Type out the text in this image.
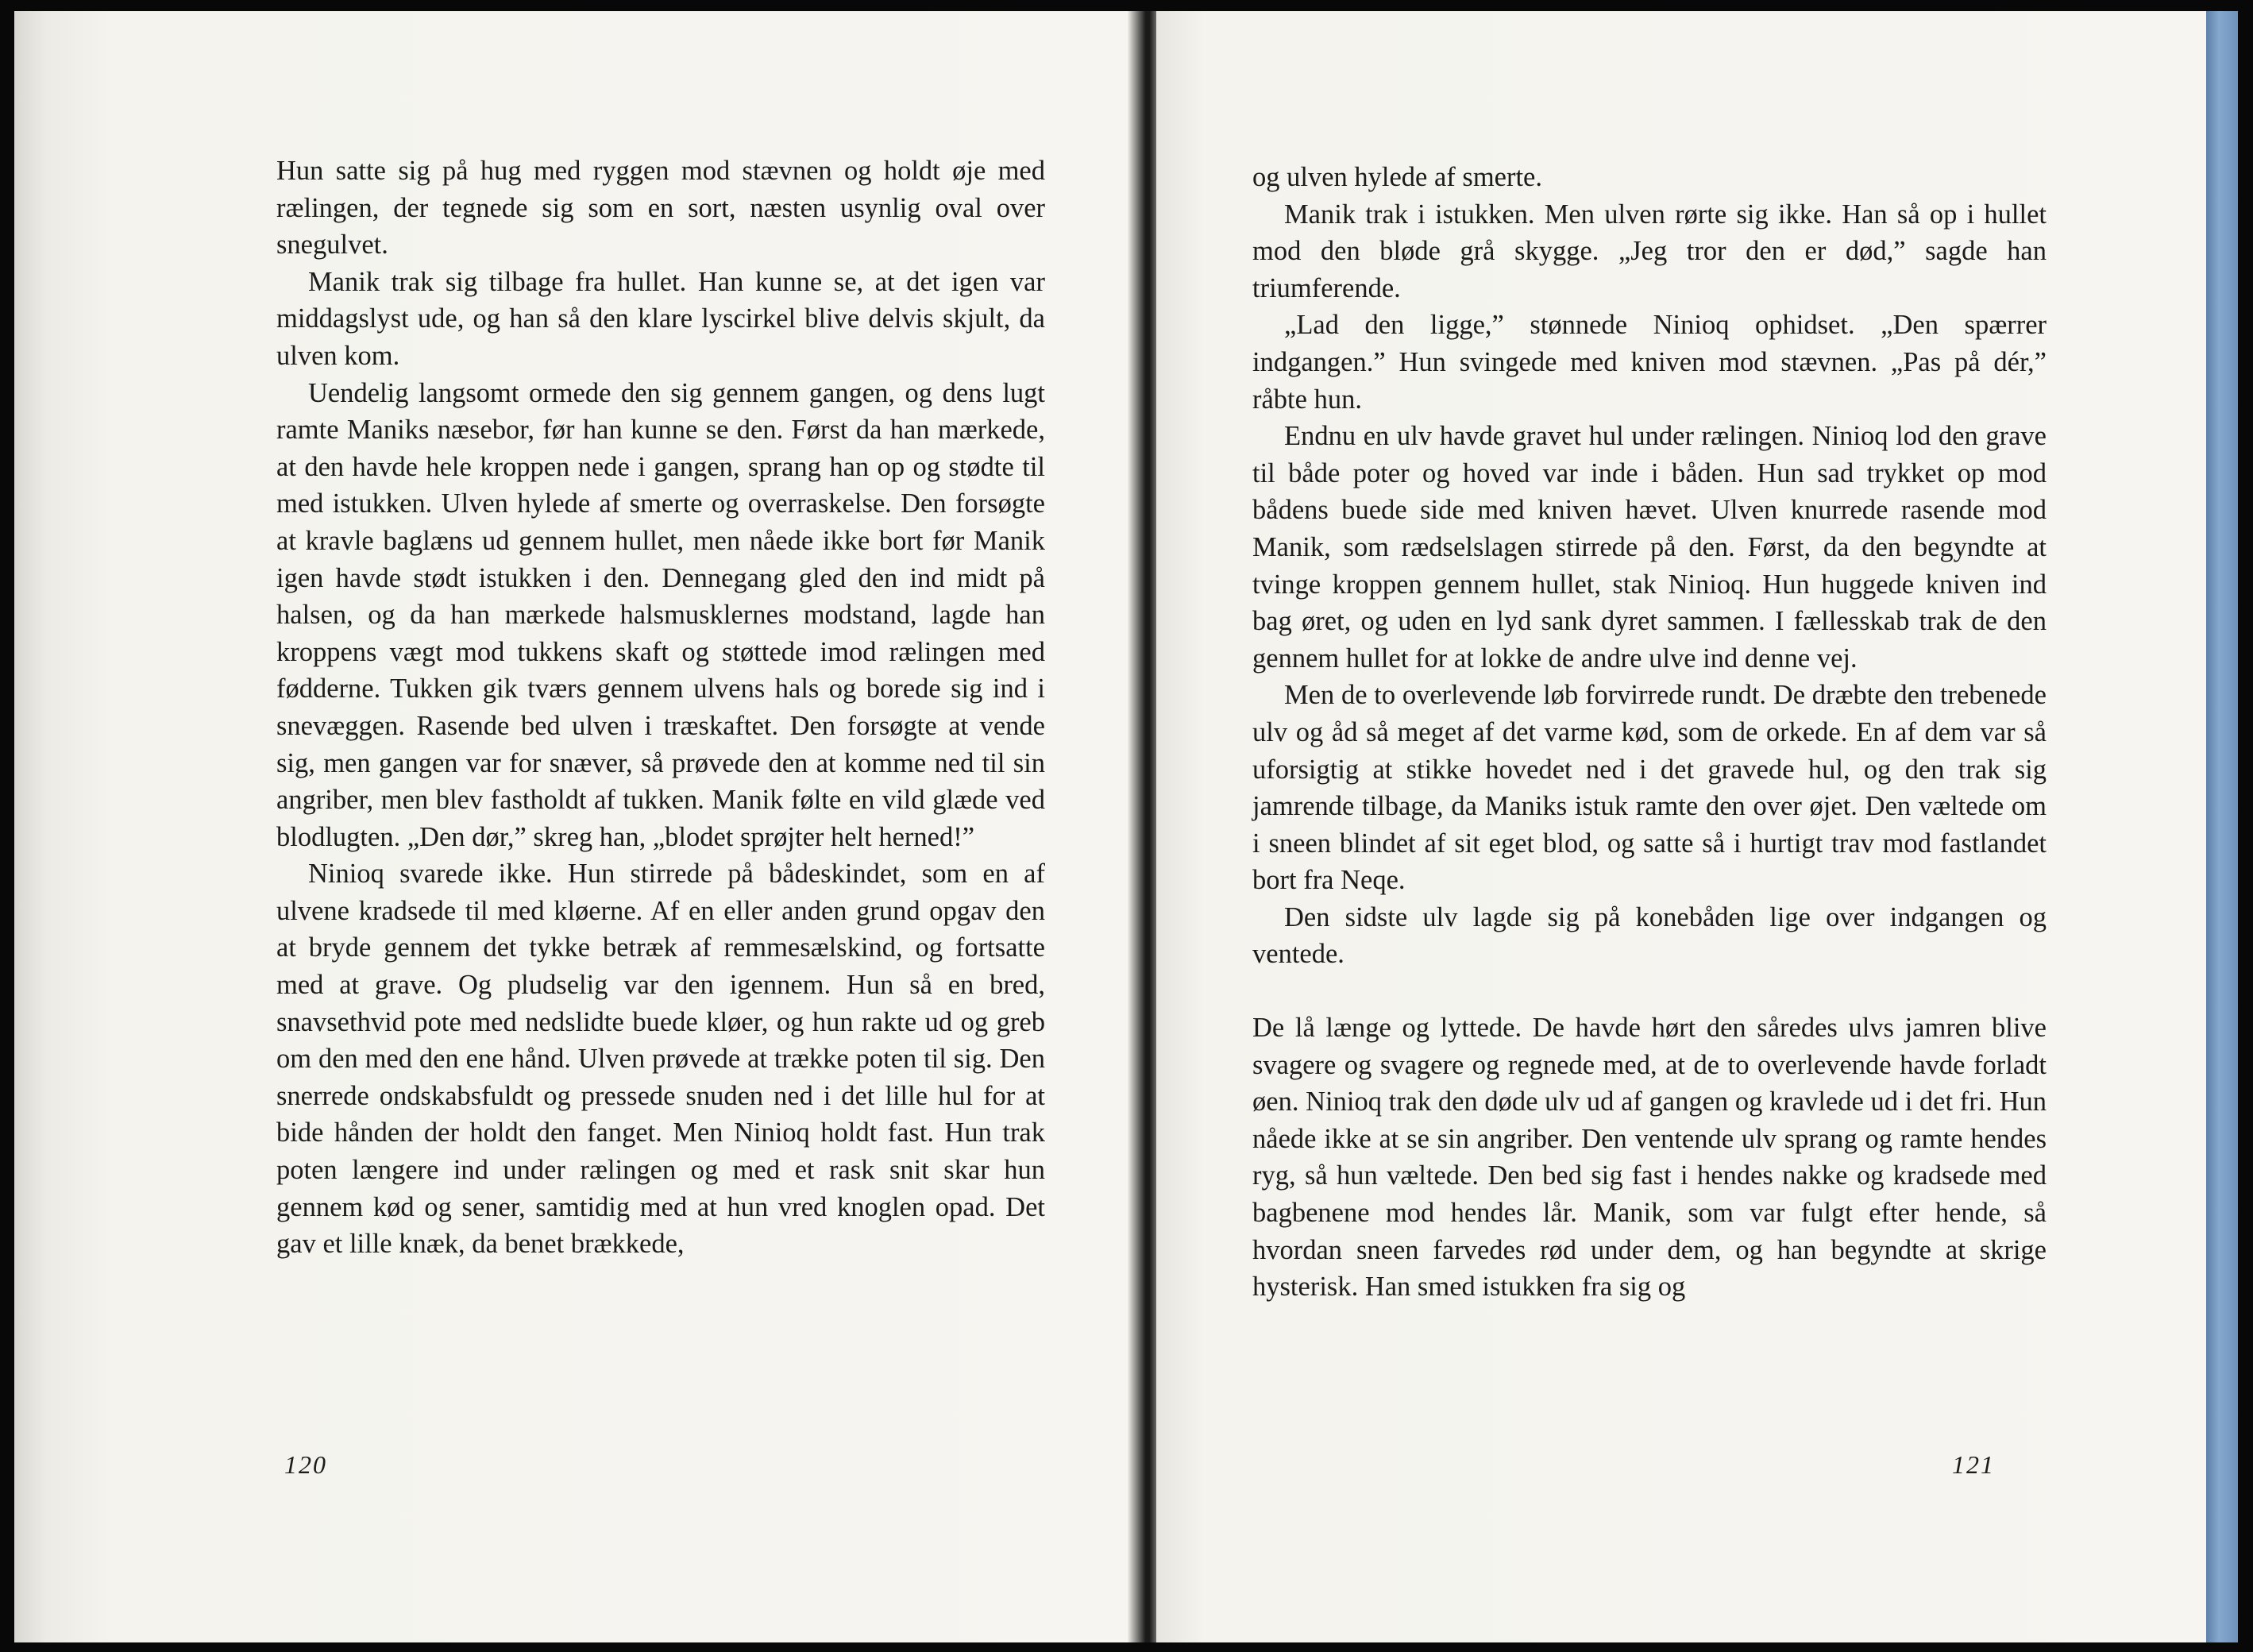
Hun satte sig på hug med ryggen mod stævnen og holdt øje med rælingen, der tegnede sig som en sort, næsten usynlig oval over snegulvet.

Manik trak sig tilbage fra hullet. Han kunne se, at det igen var middagslyst ude, og han så den klare lyscirkel blive delvis skjult, da ulven kom.

Uendelig langsomt ormede den sig gennem gangen, og dens lugt ramte Maniks næsebor, før han kunne se den. Først da han mærkede, at den havde hele kroppen nede i gangen, sprang han op og stødte til med istukken. Ulven hylede af smerte og overraskelse. Den forsøgte at kravle baglæns ud gennem hullet, men nåede ikke bort før Manik igen havde stødt istukken i den. Dennegang gled den ind midt på halsen, og da han mærkede halsmusklernes modstand, lagde han kroppens vægt mod tukkens skaft og støttede imod rælingen med fødderne. Tukken gik tværs gennem ulvens hals og borede sig ind i snevæggen. Rasende bed ulven i træskaftet. Den forsøgte at vende sig, men gangen var for snæver, så prøvede den at komme ned til sin angriber, men blev fastholdt af tukken. Manik følte en vild glæde ved blodlugten. „Den dør,” skreg han, „blodet sprøjter helt herned!”

Ninioq svarede ikke. Hun stirrede på bådeskindet, som en af ulvene kradsede til med kløerne. Af en eller anden grund opgav den at bryde gennem det tykke betræk af remmesælskind, og fortsatte med at grave. Og pludselig var den igennem. Hun så en bred, snavsethvid pote med nedslidte buede kløer, og hun rakte ud og greb om den med den ene hånd. Ulven prøvede at trække poten til sig. Den snerrede ondskabsfuldt og pressede snuden ned i det lille hul for at bide hånden der holdt den fanget. Men Ninioq holdt fast. Hun trak poten længere ind under rælingen og med et rask snit skar hun gennem kød og sener, samtidig med at hun vred knoglen opad. Det gav et lille knæk, da benet brækkede,

120

og ulven hylede af smerte.

Manik trak i istukken. Men ulven rørte sig ikke. Han så op i hullet mod den bløde grå skygge. „Jeg tror den er død,” sagde han triumferende.

„Lad den ligge,” stønnede Ninioq ophidset. „Den spærrer indgangen.” Hun svingede med kniven mod stævnen. „Pas på dér,” råbte hun.

Endnu en ulv havde gravet hul under rælingen. Ninioq lod den grave til både poter og hoved var inde i båden. Hun sad trykket op mod bådens buede side med kniven hævet. Ulven knurrede rasende mod Manik, som rædselslagen stirrede på den. Først, da den begyndte at tvinge kroppen gennem hullet, stak Ninioq. Hun huggede kniven ind bag øret, og uden en lyd sank dyret sammen. I fællesskab trak de den gennem hullet for at lokke de andre ulve ind denne vej.

Men de to overlevende løb forvirrede rundt. De dræbte den trebenede ulv og åd så meget af det varme kød, som de orkede. En af dem var så uforsigtig at stikke hovedet ned i det gravede hul, og den trak sig jamrende tilbage, da Maniks istuk ramte den over øjet. Den væltede om i sneen blindet af sit eget blod, og satte så i hurtigt trav mod fastlandet bort fra Neqe.

Den sidste ulv lagde sig på konebåden lige over indgangen og ventede.

De lå længe og lyttede. De havde hørt den såredes ulvs jamren blive svagere og svagere og regnede med, at de to overlevende havde forladt øen. Ninioq trak den døde ulv ud af gangen og kravlede ud i det fri. Hun nåede ikke at se sin angriber. Den ventende ulv sprang og ramte hendes ryg, så hun væltede. Den bed sig fast i hendes nakke og kradsede med bagbenene mod hendes lår. Manik, som var fulgt efter hende, så hvordan sneen farvedes rød under dem, og han begyndte at skrige hysterisk. Han smed istukken fra sig og

121
